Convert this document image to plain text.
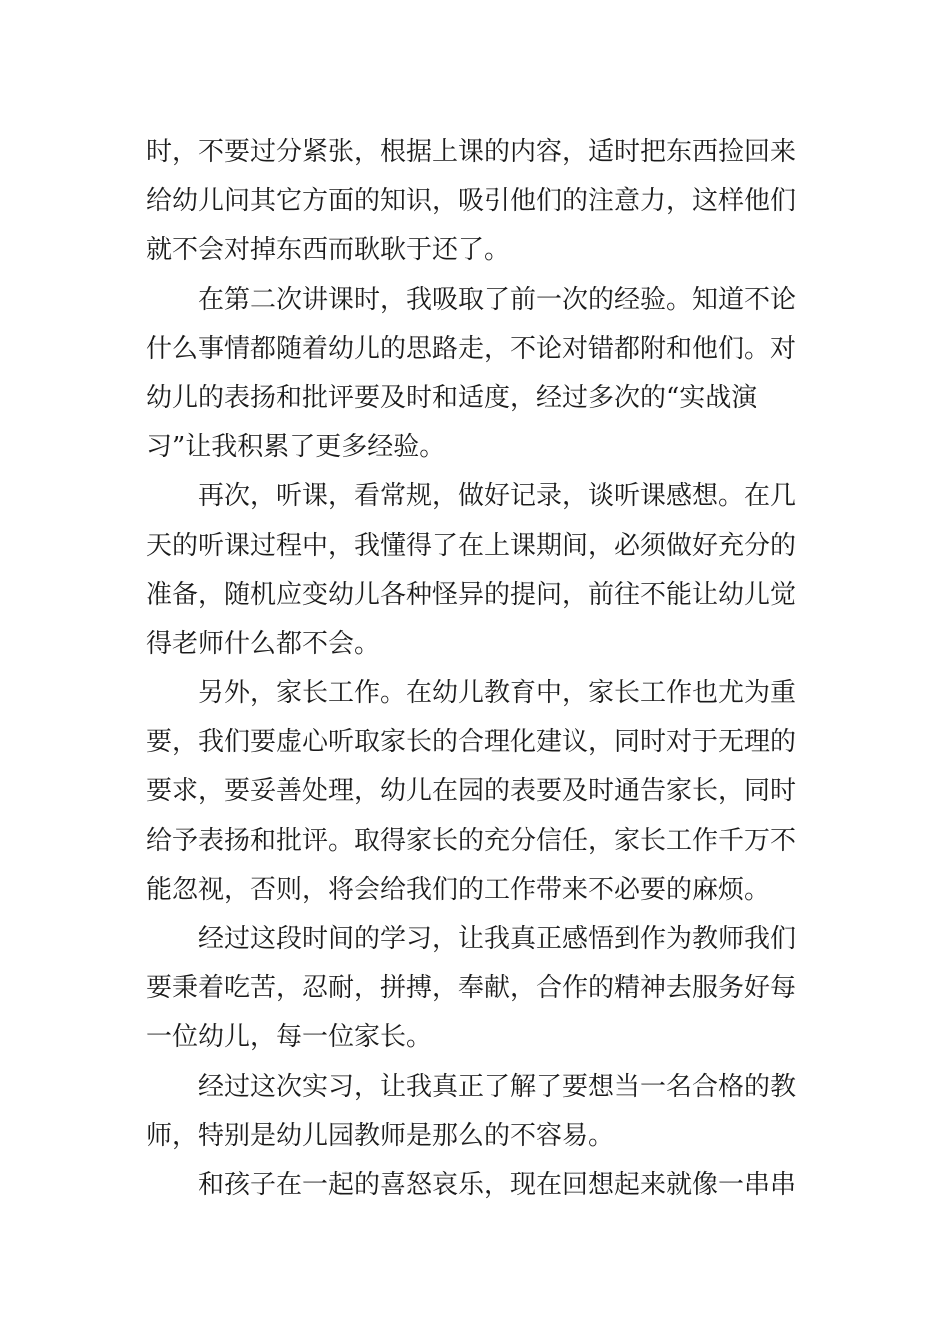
时，不要过分紧张，根据上课的内容，适时把东西捡回来
给幼儿问其它方面的知识，吸引他们的注意力，这样他们
就不会对掉东西而耿耿于还了。
在第二次讲课时，我吸取了前一次的经验。知道不论
什么事情都随着幼儿的思路走，不论对错都附和他们。对
幼儿的表扬和批评要及时和适度，经过多次的“实战演
习”让我积累了更多经验。
再次，听课，看常规，做好记录，谈听课感想。在几
天的听课过程中，我懂得了在上课期间，必须做好充分的
准备，随机应变幼儿各种怪异的提问，前往不能让幼儿觉
得老师什么都不会。
另外，家长工作。在幼儿教育中，家长工作也尤为重
要，我们要虚心听取家长的合理化建议，同时对于无理的
要求，要妥善处理，幼儿在园的表要及时通告家长，同时
给予表扬和批评。取得家长的充分信任，家长工作千万不
能忽视，否则，将会给我们的工作带来不必要的麻烦。
经过这段时间的学习，让我真正感悟到作为教师我们
要秉着吃苦，忍耐，拼搏，奉献，合作的精神去服务好每
一位幼儿，每一位家长。
经过这次实习，让我真正了解了要想当一名合格的教
师，特别是幼儿园教师是那么的不容易。
和孩子在一起的喜怒哀乐，现在回想起来就像一串串
